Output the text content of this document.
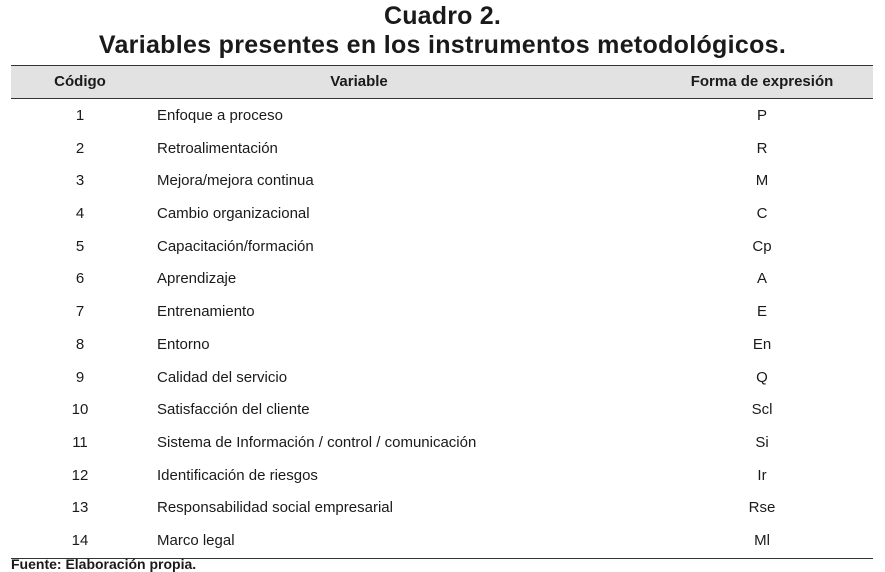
Cuadro 2.
Variables presentes en los instrumentos metodológicos.
Código	Variable	Forma de expresión
1	Enfoque a proceso	P
2	Retroalimentación	R
3	Mejora/mejora continua	M
4	Cambio organizacional	C
5	Capacitación/formación	Cp
6	Aprendizaje	A
7	Entrenamiento	E
8	Entorno	En
9	Calidad del servicio	Q
10	Satisfacción del cliente	Scl
11	Sistema de Información / control / comunicación	Si
12	Identificación de riesgos	Ir
13	Responsabilidad social empresarial	Rse
14	Marco legal	Ml
Fuente: Elaboración propia.
